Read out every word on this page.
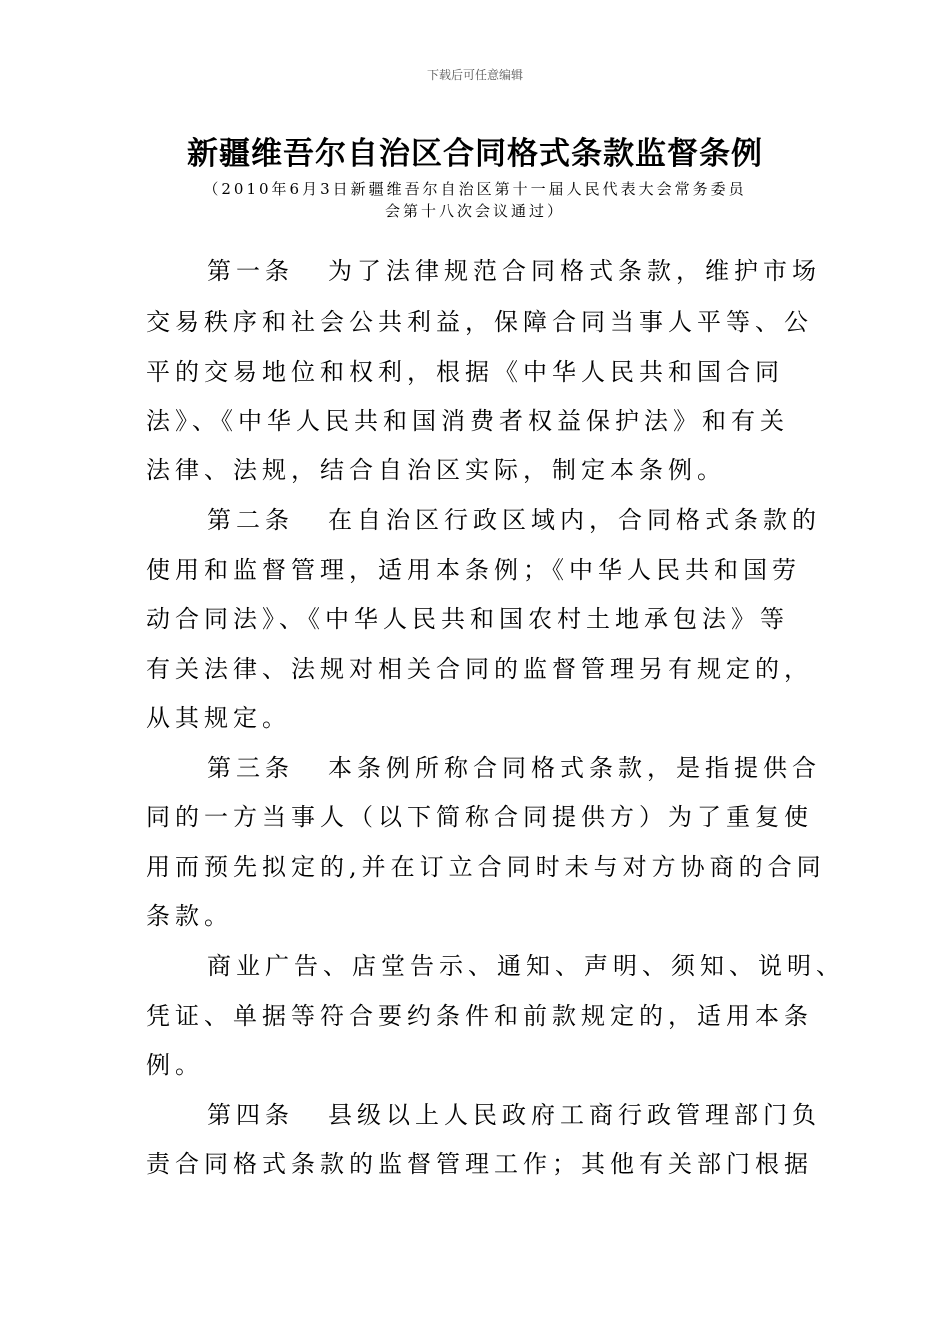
下载后可任意编辑
新疆维吾尔自治区合同格式条款监督条例
（2010年6月3日新疆维吾尔自治区第十一届人民代表大会常务委员
会第十八次会议通过）
第一条 为了法律规范合同格式条款，维护市场
交易秩序和社会公共利益，保障合同当事人平等、公
平的交易地位和权利，根据《中华人民共和国合同
法》、《中华人民共和国消费者权益保护法》和有关
法律、法规，结合自治区实际，制定本条例。
第二条 在自治区行政区域内，合同格式条款的
使用和监督管理，适用本条例；《中华人民共和国劳
动合同法》、《中华人民共和国农村土地承包法》等
有关法律、法规对相关合同的监督管理另有规定的，
从其规定。
第三条 本条例所称合同格式条款，是指提供合
同的一方当事人（以下简称合同提供方）为了重复使
用而预先拟定的,并在订立合同时未与对方协商的合同
条款。
商业广告、店堂告示、通知、声明、须知、说明、
凭证、单据等符合要约条件和前款规定的，适用本条
例。
第四条 县级以上人民政府工商行政管理部门负
责合同格式条款的监督管理工作；其他有关部门根据
